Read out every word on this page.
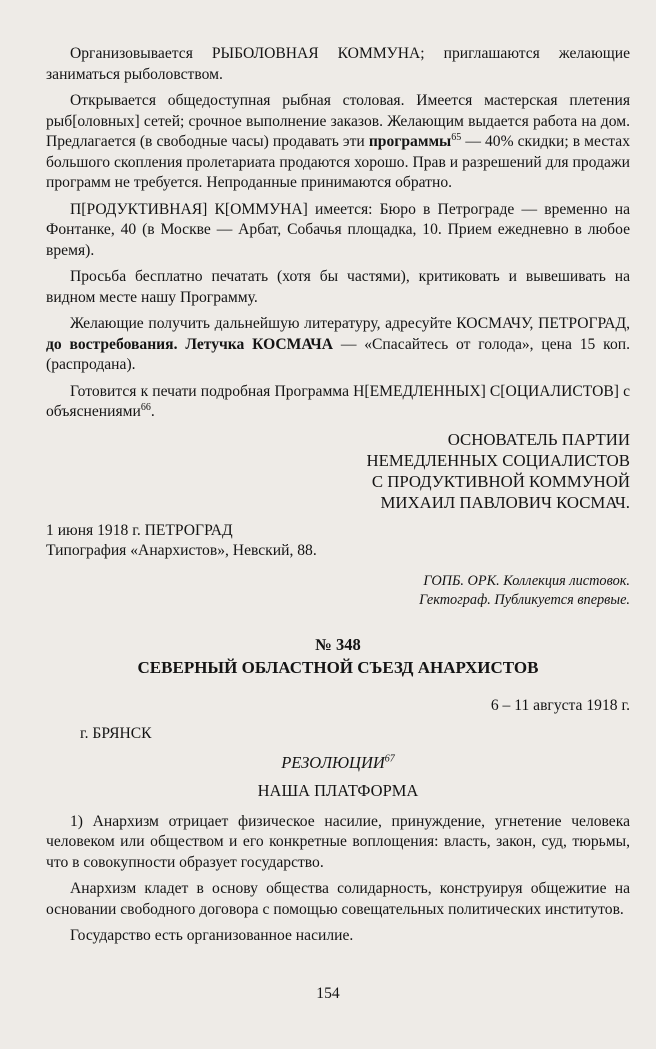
Организовывается РЫБОЛОВНАЯ КОММУНА; приглашаются желающие заниматься рыболовством.

Открывается общедоступная рыбная столовая. Имеется мастерская плетения рыб[оловных] сетей; срочное выполнение заказов. Желающим выдается работа на дом. Предлагается (в свободные часы) продавать эти программы$^{65}$ — 40% скидки; в местах большого скопления пролетариата продаются хорошо. Прав и разрешений для продажи программ не требуется. Непроданные принимаются обратно.

П[РОДУКТИВНАЯ] К[ОММУНА] имеется: Бюро в Петрограде — временно на Фонтанке, 40 (в Москве — Арбат, Собачья площадка, 10. Прием ежедневно в любое время).

Просьба бесплатно печатать (хотя бы частями), критиковать и вывешивать на видном месте нашу Программу.

Желающие получить дальнейшую литературу, адресуйте КОСМАЧУ, ПЕТРОГРАД, до востребования. Летучка КОСМАЧА — «Спасайтесь от голода», цена 15 коп. (распродана).

Готовится к печати подробная Программа Н[ЕМЕДЛЕННЫХ] С[ОЦИАЛИСТОВ] с объяснениями$^{66}$.

ОСНОВАТЕЛЬ ПАРТИИ
НЕМЕДЛЕННЫХ СОЦИАЛИСТОВ
С ПРОДУКТИВНОЙ КОММУНОЙ
МИХАИЛ ПАВЛОВИЧ КОСМАЧ.

1 июня 1918 г. ПЕТРОГРАД

Типография «Анархистов», Невский, 88.

ГОПБ. ОРК. Коллекция листовок.
Гектограф. Публикуется впервые.
№ 348
СЕВЕРНЫЙ ОБЛАСТНОЙ СЪЕЗД АНАРХИСТОВ
6 – 11 августа 1918 г.
г. БРЯНСК
РЕЗОЛЮЦИИ$^{67}$
НАША ПЛАТФОРМА

1) Анархизм отрицает физическое насилие, принуждение, угнетение человека человеком или обществом и его конкретные воплощения: власть, закон, суд, тюрьмы, что в совокупности образует государство.

Анархизм кладет в основу общества солидарность, конструируя общежитие на основании свободного договора с помощью совещательных политических институтов.

Государство есть организованное насилие.

154
